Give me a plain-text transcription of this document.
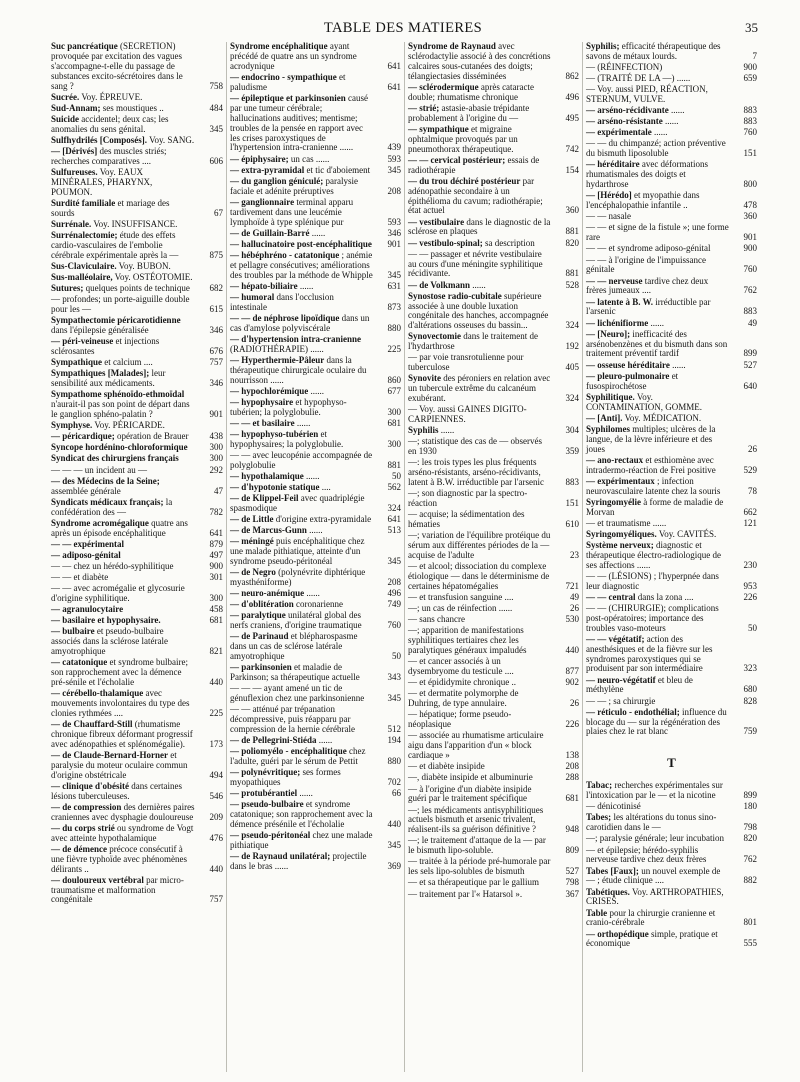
TABLE DES MATIERES	35
Suc pancréatique (SÉCRÉTION) provoquée par excitation des vagues s'accompagne-t-elle du passage de substances excito-sécrétoires dans le sang ?	758
Sucrée. Voy. ÉPREUVE.
Sud-Annam; ses moustiques ..	484
Suicide accidentel; deux cas; les anomalies du sens génital.	345
Sulfhydrilés [Composés]. Voy. SANG.
— [Dérivés] des muscles striés; recherches comparatives ....	606
Sulfureuses. Voy. EAUX MINÉRALES, PHARYNX, POUMON.
Surdité familiale et mariage des sourds	67
Surrénale. Voy. INSUFFISANCE.
Surrénalectomie; étude des effets cardio-vasculaires de l'embolie cérébrale expérimentale après la —	875
Sus-Claviculaire. Voy. BUBON.
Sus-malléolaire, Voy. OSTÉOTOMIE.
Sutures; quelques points de technique	682
— profondes; un porte-aiguille double pour les —	615
Sympathectomie péricarotidienne dans l'épilepsie généralisée	346
— péri-veineuse et injections sclérosantes	676
Sympathique et calcium ....	757
Sympathiques [Malades]; leur sensibilité aux médicaments.	346
Sympathome sphénoïdo-ethmoïdal n'aurait-il pas son point de départ dans le ganglion sphéno-palatin ?	901
Symphyse. Voy. PÉRICARDE.
— péricardique; opération de Brauer	438
Syncope hordénino-chloroformique	300
Syndicat des chirurgiens français	300
— — — un incident au —	292
— des Médecins de la Seine; assemblée générale	47
Syndicats médicaux français; la confédération des —	782
Syndrome acromégalique quatre ans après un épisode encéphalitique	641
— — expérimental	879
— adiposo-génital	497
— — chez un hérédo-syphilitique	900
— — et diabète	301
— — avec acromégalie et glycosurie d'origine syphilitique.	300
— agranulocytaire	458
— basilaire et hypophysaire.	681
— bulbaire et pseudo-bulbaire associés dans la sclérose latérale amyotrophique	821
— catatonique et syndrome bulbaire; son rapprochement avec la démence pré-sénile et l'écholalie	440
— cérébello-thalamique avec mouvements involontaires du type des clonies rythmées ....	225
— de Chauffard-Still (rhumatisme chronique fibreux déformant progressif avec adénopathies et splénomégalie).	173
— de Claude-Bernard-Horner et paralysie du moteur oculaire commun d'origine obstétricale	494
— clinique d'obésité dans certaines lésions tuberculeuses.	546
— de compression des dernières paires craniennes avec dysphagie douloureuse	209
— du corps strié ou syndrome de Vogt avec atteinte hypothalamique	476
— de démence précoce consécutif à une fièvre typhoïde avec phénomènes délirants ..	440
— douloureux vertébral par micro-traumatisme et malformation congénitale	757
Syndrome encéphalitique ayant précédé de quatre ans un syndrome acrodynique	641
— endocrino - sympathique et paludisme	641
— épileptique et parkinsonien causé par une tumeur cérébrale; hallucinations auditives; mentisme; troubles de la pensée en rapport avec les crises paroxystiques de l'hypertension intra-cranienne ......	439
— épiphysaire; un cas ......	593
— extra-pyramidal et tic d'aboiement	345
— du ganglion géniculé; paralysie faciale et adénite préruptives	208
— ganglionnaire terminal apparu tardivement dans une leucémie lymphoïde à type splénique pur	593
— de Guillain-Barré ......	346
— hallucinatoire post-encéphalitique	901
— hébéphréno - catatonique ; anémie et pellagre consécutives; améliorations des troubles par la méthode de Whipple	345
— hépato-biliaire ......	631
— humoral dans l'occlusion intestinale	873
— — de néphrose lipoïdique dans un cas d'amylose polyviscérale	880
— d'hypertension intra-cranienne (RADIOTHÉRAPIE) ......	225
— Hyperthermie-Pâleur dans la thérapeutique chirurgicale oculaire du nourrisson ......	860
— hypochlorémique ......	677
— hypophysaire et hypophyso-tubérien; la polyglobulie.	300
— — et basilaire ......	681
— hypophyso-tubérien et hypophysaires; la polyglobulie.	300
— — avec leucopénie accompagnée de polyglobulie	881
— hypothalamique ......	50
— d'hypotonie statique ....	562
— de Klippel-Feil avec quadriplégie spasmodique	324
— de Little d'origine extra-pyramidale	641
— de Marcus-Gunn ......	513
— méningé puis encéphalitique chez une malade pithiatique, atteinte d'un syndrome pseudo-péritonéal	345
— de Negro (polynévrite diphtérique myasthéniforme)	208
— neuro-anémique ......	496
— d'oblitération coronarienne	749
— paralytique unilatéral global des nerfs craniens, d'origine traumatique	760
— de Parinaud et blépharospasme dans un cas de sclérose latérale amyotrophique	50
— parkinsonien et maladie de Parkinson; sa thérapeutique actuelle	343
— — — ayant amené un tic de génuflexion chez une parkinsonienne	345
— — atténué par trépanation décompressive, puis réapparu par compression de la hernie cérébrale	512
— de Pellegrini-Stiéda ......	194
— poliomyélo - encéphalitique chez l'adulte, guéri par le sérum de Pettit	880
— polynévritique; ses formes myopathiques	702
— protubérantiel ......	66
— pseudo-bulbaire et syndrome catatonique; son rapprochement avec la démence présénile et l'écholalie	440
— pseudo-péritonéal chez une malade pithiatique	345
— de Raynaud unilatéral; projectile dans le bras ......	369
Syndrome de Raynaud avec sclérodactylie associé à des concrétions calcaires sous-cutanées des doigts; télangiectasies disséminées	862
— sclérodermique après cataracte double; rhumatisme chronique	496
— strié; astasie-abasie trépidante probablement à l'origine du —	495
— sympathique et migraine ophtalmique provoqués par un pneumothorax thérapeutique.	742
— — cervical postérieur; essais de radiothérapie	154
— du trou déchiré postérieur par adénopathie secondaire à un épithélioma du cavum; radiothérapie; état actuel	360
— vestibulaire dans le diagnostic de la sclérose en plaques	881
— vestibulo-spinal; sa description	820
— — passager et névrite vestibulaire au cours d'une méningite syphilitique récidivante.	881
— de Volkmann ......	528
Synostose radio-cubitale supérieure associée à une double luxation congénitale des hanches, accompagnée d'altérations osseuses du bassin...	324
Synovectomie dans le traitement de l'hydarthrose	192
— par voie transrotulienne pour tuberculose	405
Synovite des péroniers en relation avec un tubercule extrême du calcanéum exubérant.	324
— Voy. aussi GAINES DIGITO-CARPIENNES.
Syphilis ......	304
—; statistique des cas de — observés en 1930	359
—: les trois types les plus fréquents arséno-résistants, arséno-récidivants, latent à B.W. irréductible par l'arsenic	883
—; son diagnostic par la spectro-réaction	151
— acquise; la sédimentation des hématies	610
—; variation de l'équilibre protéique du sérum aux différentes périodes de la — acquise de l'adulte	23
— et alcool; dissociation du complexe étiologique — dans le déterminisme de certaines hépatomégalies	721
— et transfusion sanguine ....	49
—; un cas de réinfection ......	26
— sans chancre	530
—; apparition de manifestations syphilitiques tertiaires chez les paralytiques généraux impaludés	440
— et cancer associés à un dysembryome du testicule ....	877
— et épididymite chronique ..	902
— et dermatite polymorphe de Duhring, de type annulaire.	26
— hépatique; forme pseudo-néoplasique	226
— associée au rhumatisme articulaire aigu dans l'apparition d'un « block cardiaque »	138
— et diabète insipide	208
—, diabète insipide et albuminurie	288
— à l'origine d'un diabète insipide guéri par le traitement spécifique	681
—; les médicaments antisyphilitiques actuels bismuth et arsenic trivalent, réalisent-ils sa guérison définitive ?	948
—; le traitement d'attaque de la — par le bismuth lipo-soluble.	809
— traitée à la période pré-humorale par les sels lipo-solubles de bismuth	527
— et sa thérapeutique par le gallium	798
— traitement par l'« Hatarsol ».	367
Syphilis; efficacité thérapeutique des savons de métaux lourds.	7
— (RÉINFECTION)	900
— (TRAITÉ DE LA —) ......	659
— Voy. aussi PIED, RÉACTION, STERNUM, VULVE.
— arséno-récidivante ......	883
— arséno-résistante ......	883
— expérimentale ......	760
— — du chimpanzé; action préventive du bismuth liposoluble	151
— héréditaire avec déformations rhumatismales des doigts et hydarthrose	800
— [Hérédo] et myopathie dans l'encéphalopathie infantile ..	478
— — nasale	360
— — et signe de la fistule »; une forme rare	901
— — et syndrome adiposo-génital	900
— — à l'origine de l'impuissance génitale	760
— — nerveuse tardive chez deux frères jumeaux ....	762
— latente à B. W. irréductible par l'arsenic	883
— lichénifiorme ......	49
— [Neuro]; inefficacité des arsénobenzènes et du bismuth dans son traitement préventif tardif	899
— osseuse héréditaire ......	527
— pleuro-pulmonaire et fusospirochétose	640
Syphilitique. Voy. CONTAMINATION, GOMME.
— [Anti]. Voy. MÉDICATION.
Syphilomes multiples; ulcères de la langue, de la lèvre inférieure et des joues	26
— ano-rectaux et esthiomène avec intradermo-réaction de Frei positive	529
— expérimentaux ; infection neurovasculaire latente chez la souris	78
Syringomyélie à forme de maladie de Morvan	662
— et traumatisme ......	121
Syringomyéliques. Voy. CAVITÉS.
Système nerveux; diagnostic et thérapeutique électro-radiologique de ses affections ......	230
— — (LÉSIONS) ; l'hyperpnée dans leur diagnostic	953
— — central dans la zona ....	226
— — (CHIRURGIE); complications post-opératoires; importance des troubles vaso-moteurs	50
— — végétatif; action des anesthésiques et de la fièvre sur les syndromes paroxystiques qui se produisent par son intermédiaire	323
— neuro-végétatif et bleu de méthylène	680
— — ; sa chirurgie	828
— réticulo - endothélial; influence du blocage du — sur la régénération des plaies chez le rat blanc	759
T
Tabac; recherches expérimentales sur l'intoxication par le — et la nicotine	899
— dénicotinisé	180
Tabes; les altérations du tonus sino-carotidien dans le —	798
—; paralysie générale; leur incubation	820
— et épilepsie; hérédo-syphilis nerveuse tardive chez deux frères	762
Tabes [Faux]; un nouvel exemple de — ; étude clinique ....	882
Tabétiques. Voy. ARTHROPATHIES, CRISES.
Table pour la chirurgie cranienne et cranio-cérébrale	801
— orthopédique simple, pratique et économique	555
